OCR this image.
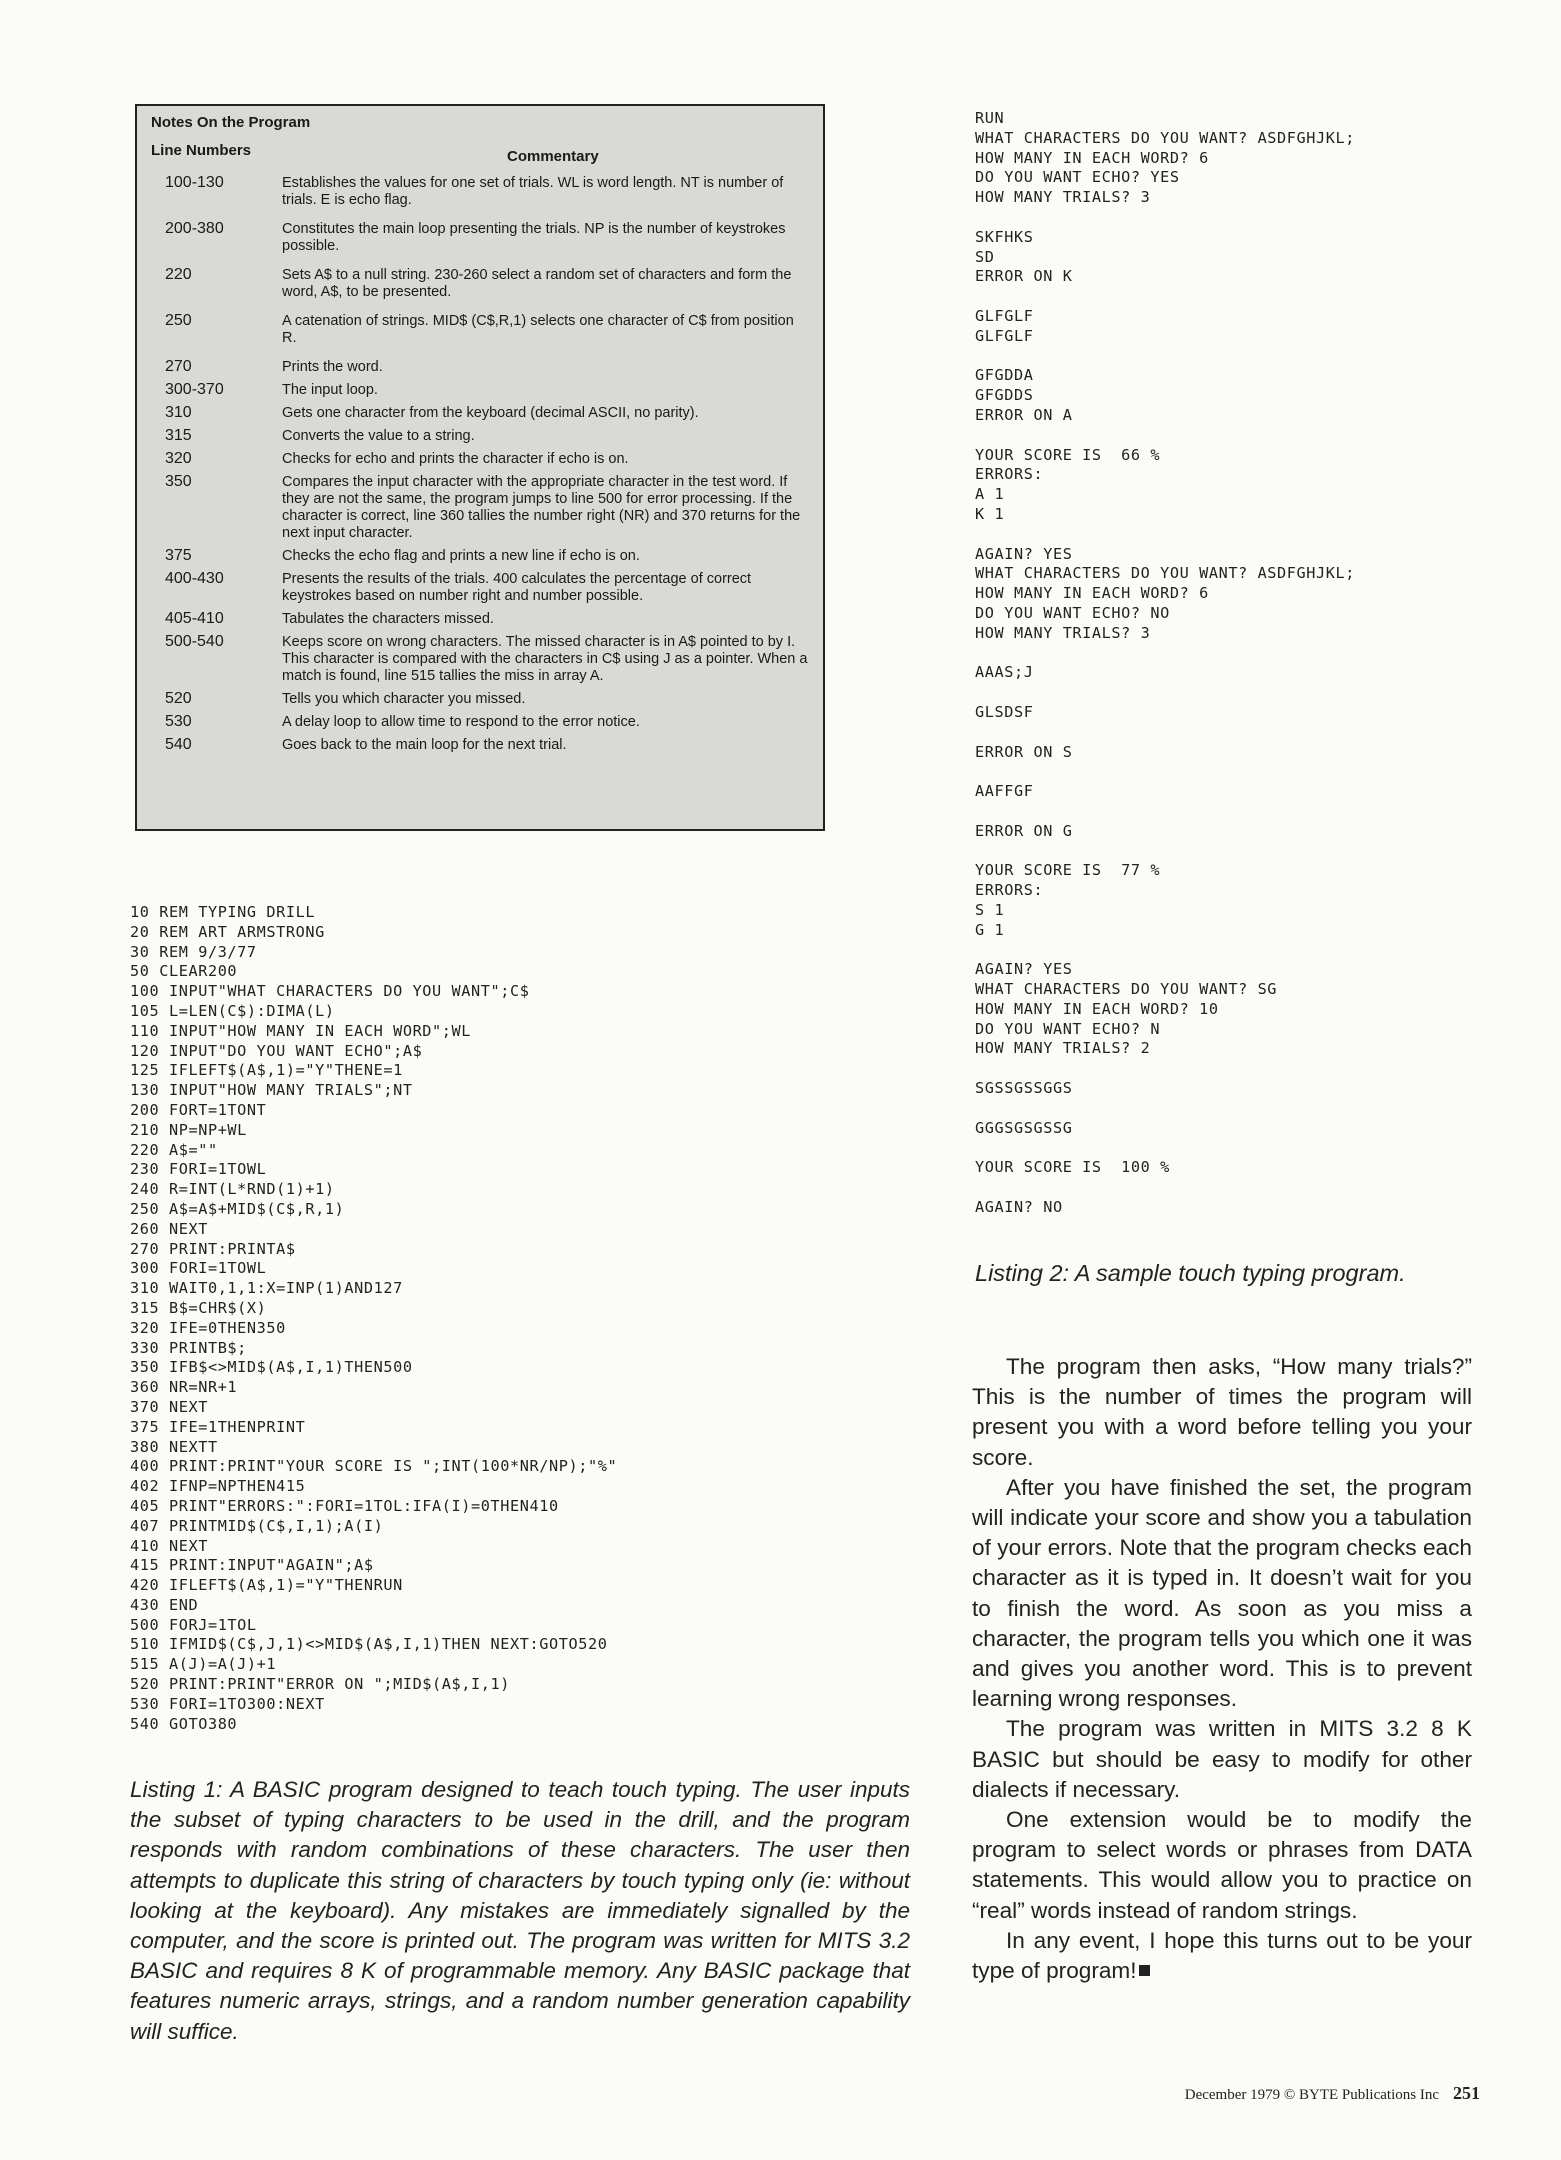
Notes On the Program
Line Numbers	Commentary
100-130	Establishes the values for one set of trials. WL is word length. NT is number of trials. E is echo flag.
200-380	Constitutes the main loop presenting the trials. NP is the number of keystrokes possible.
220	Sets A$ to a null string. 230-260 select a random set of characters and form the word, A$, to be presented.
250	A catenation of strings. MID$ (C$,R,1) selects one character of C$ from position R.
270	Prints the word.
300-370	The input loop.
310	Gets one character from the keyboard (decimal ASCII, no parity).
315	Converts the value to a string.
320	Checks for echo and prints the character if echo is on.
350	Compares the input character with the appropriate character in the test word. If they are not the same, the program jumps to line 500 for error processing. If the character is correct, line 360 tallies the number right (NR) and 370 returns for the next input character.
375	Checks the echo flag and prints a new line if echo is on.
400-430	Presents the results of the trials. 400 calculates the percentage of correct keystrokes based on number right and number possible.
405-410	Tabulates the characters missed.
500-540	Keeps score on wrong characters. The missed character is in A$ pointed to by I. This character is compared with the characters in C$ using J as a pointer. When a match is found, line 515 tallies the miss in array A.
520	Tells you which character you missed.
530	A delay loop to allow time to respond to the error notice.
540	Goes back to the main loop for the next trial.
10 REM TYPING DRILL
20 REM ART ARMSTRONG
30 REM 9/3/77
50 CLEAR200
100 INPUT"WHAT CHARACTERS DO YOU WANT";C$
105 L=LEN(C$):DIMA(L)
110 INPUT"HOW MANY IN EACH WORD";WL
120 INPUT"DO YOU WANT ECHO";A$
125 IFLEFT$(A$,1)="Y"THENE=1
130 INPUT"HOW MANY TRIALS";NT
200 FORT=1TONT
210 NP=NP+WL
220 A$=""
230 FORI=1TOWL
240 R=INT(L*RND(1)+1)
250 A$=A$+MID$(C$,R,1)
260 NEXT
270 PRINT:PRINTA$
300 FORI=1TOWL
310 WAIT0,1,1:X=INP(1)AND127
315 B$=CHR$(X)
320 IFE=0THEN350
330 PRINTB$;
350 IFB$<>MID$(A$,I,1)THEN500
360 NR=NR+1
370 NEXT
375 IFE=1THENPRINT
380 NEXTT
400 PRINT:PRINT"YOUR SCORE IS ";INT(100*NR/NP);"%"
402 IFNP=NPTHEN415
405 PRINT"ERRORS:":FORI=1TOL:IFA(I)=0THEN410
407 PRINTMID$(C$,I,1);A(I)
410 NEXT
415 PRINT:INPUT"AGAIN";A$
420 IFLEFT$(A$,1)="Y"THENRUN
430 END
500 FORJ=1TOL
510 IFMID$(C$,J,1)<>MID$(A$,I,1)THEN NEXT:GOTO520
515 A(J)=A(J)+1
520 PRINT:PRINT"ERROR ON ";MID$(A$,I,1)
530 FORI=1TO300:NEXT
540 GOTO380
Listing 1: A BASIC program designed to teach touch typing. The user inputs the subset of typing characters to be used in the drill, and the program responds with random combinations of these characters. The user then attempts to duplicate this string of characters by touch typing only (ie: without looking at the keyboard). Any mistakes are immediately signalled by the computer, and the score is printed out. The program was written for MITS 3.2 BASIC and requires 8 K of programmable memory. Any BASIC package that features numeric arrays, strings, and a random number generation capability will suffice.
RUN
WHAT CHARACTERS DO YOU WANT? ASDFGHJKL;
HOW MANY IN EACH WORD? 6
DO YOU WANT ECHO? YES
HOW MANY TRIALS? 3
SKFHKS
SD
ERROR ON K
GLFGLF
GLFGLF
GFGDDA
GFGDDS
ERROR ON A
YOUR SCORE IS  66 %
ERRORS:
A 1
K 1
AGAIN? YES
WHAT CHARACTERS DO YOU WANT? ASDFGHJKL;
HOW MANY IN EACH WORD? 6
DO YOU WANT ECHO? NO
HOW MANY TRIALS? 3
AAAS;J
GLSDSF
ERROR ON S
AAFFGF
ERROR ON G
YOUR SCORE IS  77 %
ERRORS:
S 1
G 1
AGAIN? YES
WHAT CHARACTERS DO YOU WANT? SG
HOW MANY IN EACH WORD? 10
DO YOU WANT ECHO? N
HOW MANY TRIALS? 2
SGSSGSSGGS
GGGSGSGSSG
YOUR SCORE IS  100 %
AGAIN? NO
Listing 2: A sample touch typing program.

The program then asks, “How many trials?” This is the number of times the program will present you with a word before telling you your score.

After you have finished the set, the program will indicate your score and show you a tabulation of your errors. Note that the program checks each character as it is typed in. It doesn’t wait for you to finish the word. As soon as you miss a character, the program tells you which one it was and gives you another word. This is to prevent learning wrong responses.

The program was written in MITS 3.2 8 K BASIC but should be easy to modify for other dialects if necessary.

One extension would be to modify the program to select words or phrases from DATA statements. This would allow you to practice on “real” words instead of random strings.

In any event, I hope this turns out to be your type of program!

December 1979 © BYTE Publications Inc 251
